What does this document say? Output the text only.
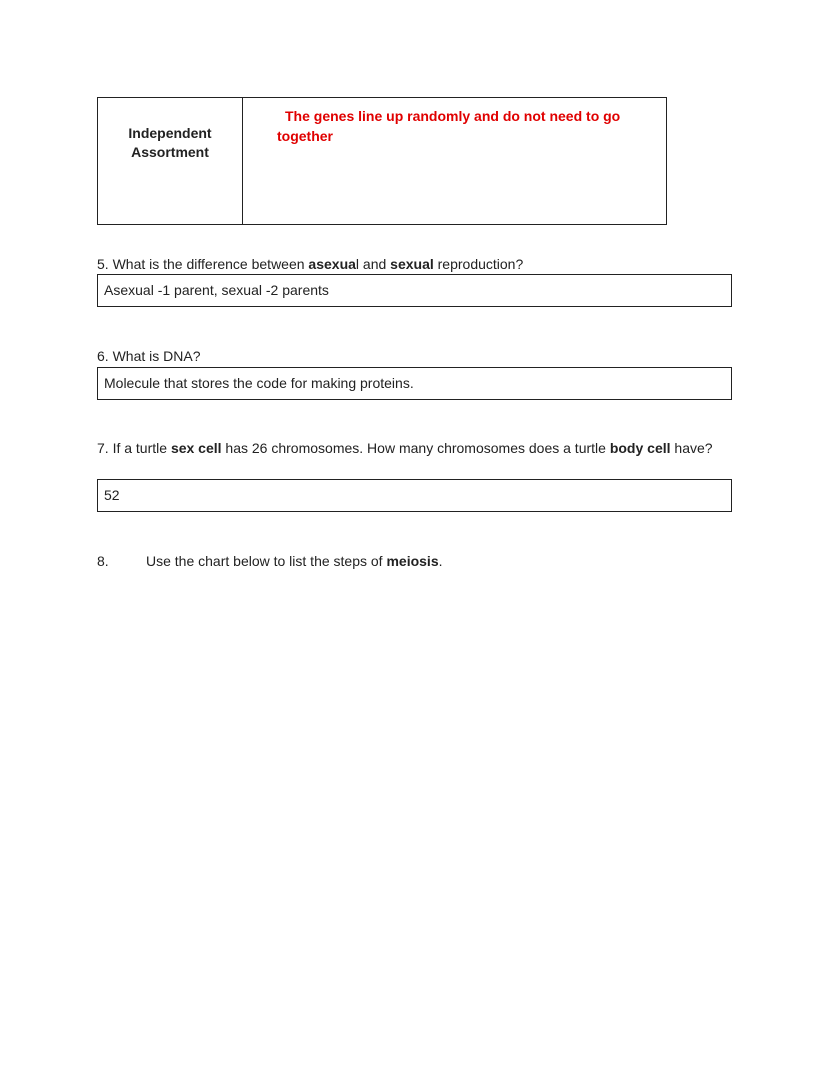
Independent
Assortment
The genes line up randomly and do not need to go
together
5. What is the difference between asexual and sexual reproduction?
Asexual -1 parent, sexual -2 parents
6. What is DNA?
Molecule that stores the code for making proteins.
7. If a turtle sex cell has 26 chromosomes. How many chromosomes does a turtle body cell have?
52
8.	Use the chart below to list the steps of meiosis.
